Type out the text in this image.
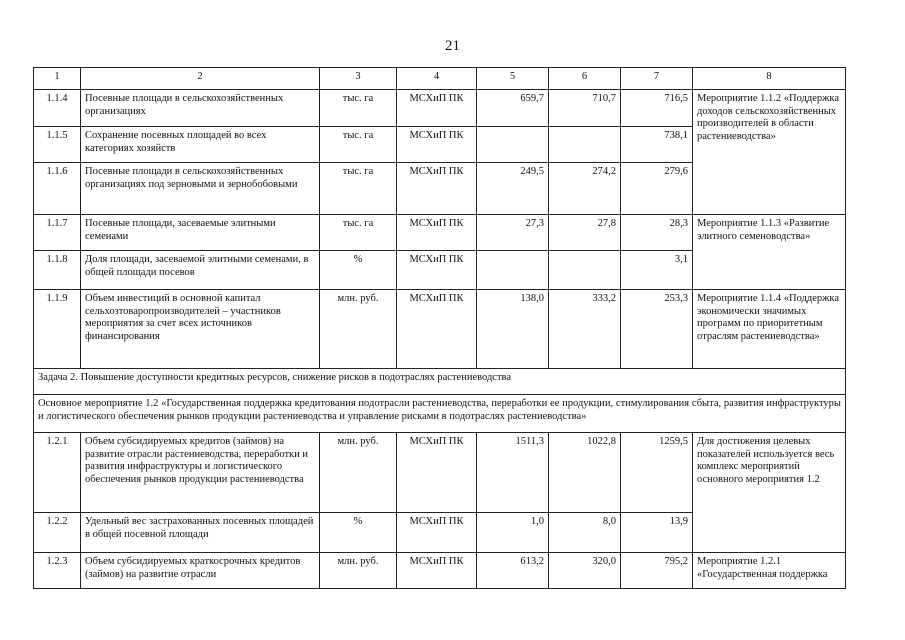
21
1	2	3	4	5	6	7	8
1.1.4	Посевные площади в сельскохозяйственных организациях	тыс. га	МСХиП ПК	659,7	710,7	716,5	Мероприятие 1.1.2 «Поддержка доходов сельскохозяйственных производителей в области растениеводства»
1.1.5	Сохранение посевных площадей во всех категориях хозяйств	тыс. га	МСХиП ПК			738,1	
1.1.6	Посевные площади в сельскохозяйственных организациях под зерновыми и зернобобовыми	тыс. га	МСХиП ПК	249,5	274,2	279,6	
1.1.7	Посевные площади, засеваемые элитными семенами	тыс. га	МСХиП ПК	27,3	27,8	28,3	Мероприятие 1.1.3 «Развитие элитного семеноводства»
1.1.8	Доля площади, засеваемой элитными семенами, в общей площади посевов	%	МСХиП ПК			3,1	
1.1.9	Объем инвестиций в основной капитал сельхозтоваропроизводителей – участников мероприятия за счет всех источников финансирования	млн. руб.	МСХиП ПК	138,0	333,2	253,3	Мероприятие 1.1.4 «Поддержка экономически значимых программ по приоритетным отраслям растениеводства»
Задача 2. Повышение доступности кредитных ресурсов, снижение рисков в подотраслях растениеводства							
Основное мероприятие 1.2 «Государственная поддержка кредитования подотрасли растениеводства, переработки ее продукции, стимулирования сбыта, развития инфраструктуры и логистического обеспечения рынков продукции растениеводства и управление рисками в подотраслях растениеводства»							
1.2.1	Объем субсидируемых кредитов (займов) на развитие отрасли растениеводства, переработки и развития инфраструктуры и логистического обеспечения рынков продукции растениеводства	млн. руб.	МСХиП ПК	1511,3	1022,8	1259,5	Для достижения целевых показателей используется весь комплекс мероприятий основного мероприятия 1.2
1.2.2	Удельный вес застрахованных посевных площадей в общей посевной площади	%	МСХиП ПК	1,0	8,0	13,9	
1.2.3	Объем субсидируемых краткосрочных кредитов (займов) на развитие отрасли	млн. руб.	МСХиП ПК	613,2	320,0	795,2	Мероприятие 1.2.1 «Государственная поддержка
